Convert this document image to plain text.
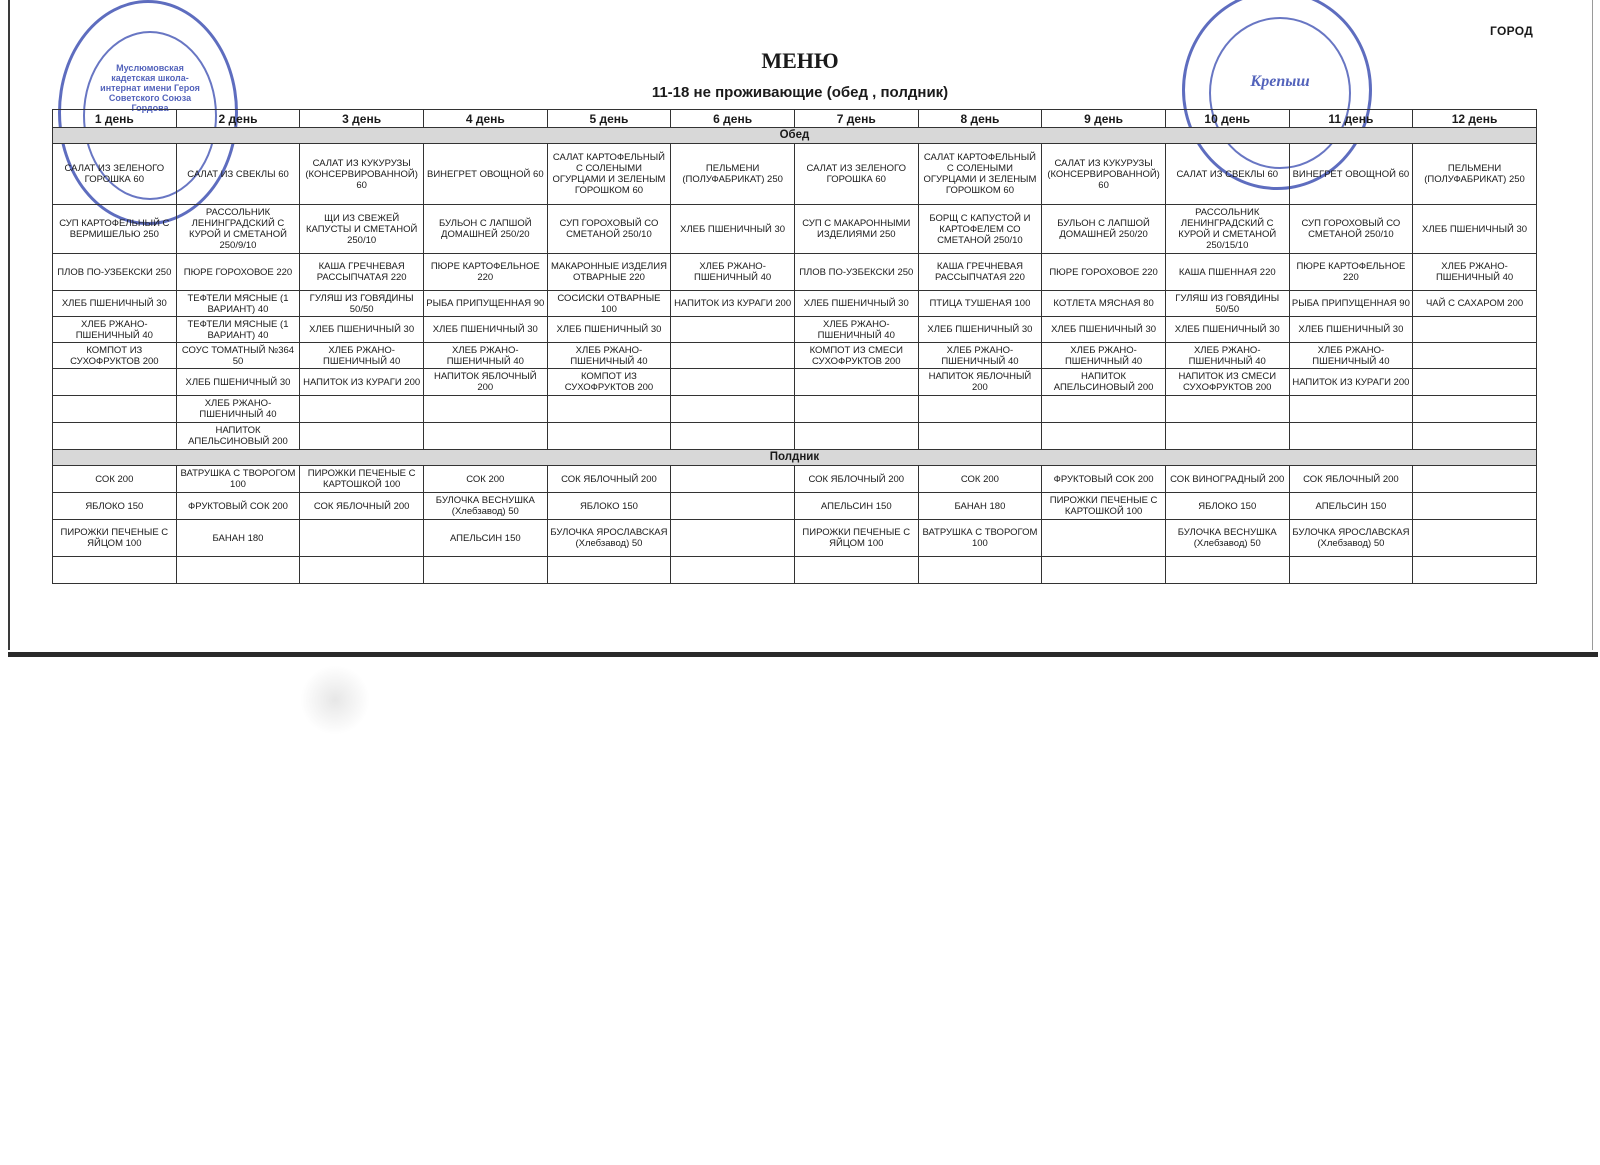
Муслюмовская кадетская школа-интернат имени Героя Советского Союза Гордова
Крепыш
ГОРОД
МЕНЮ
11-18 не проживающие (обед , полдник)
1 день	2 день	3 день	4 день	5 день	6 день	7 день	8 день	9 день	10 день	11 день	12 день
Обед											
САЛАТ ИЗ ЗЕЛЕНОГО ГОРОШКА 60	САЛАТ ИЗ СВЕКЛЫ 60	САЛАТ ИЗ КУКУРУЗЫ (КОНСЕРВИРОВАННОЙ) 60	ВИНЕГРЕТ ОВОЩНОЙ 60	САЛАТ КАРТОФЕЛЬНЫЙ С СОЛЕНЫМИ ОГУРЦАМИ И ЗЕЛЕНЫМ ГОРОШКОМ 60	ПЕЛЬМЕНИ (ПОЛУФАБРИКАТ) 250	САЛАТ ИЗ ЗЕЛЕНОГО ГОРОШКА 60	САЛАТ КАРТОФЕЛЬНЫЙ С СОЛЕНЫМИ ОГУРЦАМИ И ЗЕЛЕНЫМ ГОРОШКОМ 60	САЛАТ ИЗ КУКУРУЗЫ (КОНСЕРВИРОВАННОЙ) 60	САЛАТ ИЗ СВЕКЛЫ 60	ВИНЕГРЕТ ОВОЩНОЙ 60	ПЕЛЬМЕНИ (ПОЛУФАБРИКАТ) 250
СУП КАРТОФЕЛЬНЫЙ С ВЕРМИШЕЛЬЮ 250	РАССОЛЬНИК ЛЕНИНГРАДСКИЙ С КУРОЙ И СМЕТАНОЙ 250/9/10	ЩИ ИЗ СВЕЖЕЙ КАПУСТЫ И СМЕТАНОЙ 250/10	БУЛЬОН С ЛАПШОЙ ДОМАШНЕЙ 250/20	СУП ГОРОХОВЫЙ СО СМЕТАНОЙ 250/10	ХЛЕБ ПШЕНИЧНЫЙ 30	СУП С МАКАРОННЫМИ ИЗДЕЛИЯМИ 250	БОРЩ С КАПУСТОЙ И КАРТОФЕЛЕМ СО СМЕТАНОЙ 250/10	БУЛЬОН С ЛАПШОЙ ДОМАШНЕЙ 250/20	РАССОЛЬНИК ЛЕНИНГРАДСКИЙ С КУРОЙ И СМЕТАНОЙ 250/15/10	СУП ГОРОХОВЫЙ СО СМЕТАНОЙ 250/10	ХЛЕБ ПШЕНИЧНЫЙ 30
ПЛОВ ПО-УЗБЕКСКИ 250	ПЮРЕ ГОРОХОВОЕ 220	КАША ГРЕЧНЕВАЯ РАССЫПЧАТАЯ 220	ПЮРЕ КАРТОФЕЛЬНОЕ 220	МАКАРОННЫЕ ИЗДЕЛИЯ ОТВАРНЫЕ 220	ХЛЕБ РЖАНО-ПШЕНИЧНЫЙ 40	ПЛОВ ПО-УЗБЕКСКИ 250	КАША ГРЕЧНЕВАЯ РАССЫПЧАТАЯ 220	ПЮРЕ ГОРОХОВОЕ 220	КАША ПШЕННАЯ 220	ПЮРЕ КАРТОФЕЛЬНОЕ 220	ХЛЕБ РЖАНО-ПШЕНИЧНЫЙ 40
ХЛЕБ ПШЕНИЧНЫЙ 30	ТЕФТЕЛИ МЯСНЫЕ (1 ВАРИАНТ) 40	ГУЛЯШ ИЗ ГОВЯДИНЫ 50/50	РЫБА ПРИПУЩЕННАЯ 90	СОСИСКИ ОТВАРНЫЕ 100	НАПИТОК ИЗ КУРАГИ 200	ХЛЕБ ПШЕНИЧНЫЙ 30	ПТИЦА ТУШЕНАЯ 100	КОТЛЕТА МЯСНАЯ 80	ГУЛЯШ ИЗ ГОВЯДИНЫ 50/50	РЫБА ПРИПУЩЕННАЯ 90	ЧАЙ С САХАРОМ 200
ХЛЕБ РЖАНО-ПШЕНИЧНЫЙ 40	ТЕФТЕЛИ МЯСНЫЕ (1 ВАРИАНТ) 40	ХЛЕБ ПШЕНИЧНЫЙ 30	ХЛЕБ ПШЕНИЧНЫЙ 30	ХЛЕБ ПШЕНИЧНЫЙ 30		ХЛЕБ РЖАНО-ПШЕНИЧНЫЙ 40	ХЛЕБ ПШЕНИЧНЫЙ 30	ХЛЕБ ПШЕНИЧНЫЙ 30	ХЛЕБ ПШЕНИЧНЫЙ 30	ХЛЕБ ПШЕНИЧНЫЙ 30	
КОМПОТ ИЗ СУХОФРУКТОВ 200	СОУС ТОМАТНЫЙ №364 50	ХЛЕБ РЖАНО-ПШЕНИЧНЫЙ 40	ХЛЕБ РЖАНО-ПШЕНИЧНЫЙ 40	ХЛЕБ РЖАНО-ПШЕНИЧНЫЙ 40		КОМПОТ ИЗ СМЕСИ СУХОФРУКТОВ 200	ХЛЕБ РЖАНО-ПШЕНИЧНЫЙ 40	ХЛЕБ РЖАНО-ПШЕНИЧНЫЙ 40	ХЛЕБ РЖАНО-ПШЕНИЧНЫЙ 40	ХЛЕБ РЖАНО-ПШЕНИЧНЫЙ 40	
	ХЛЕБ ПШЕНИЧНЫЙ 30	НАПИТОК ИЗ КУРАГИ 200	НАПИТОК ЯБЛОЧНЫЙ 200	КОМПОТ ИЗ СУХОФРУКТОВ 200			НАПИТОК ЯБЛОЧНЫЙ 200	НАПИТОК АПЕЛЬСИНОВЫЙ 200	НАПИТОК ИЗ СМЕСИ СУХОФРУКТОВ 200	НАПИТОК ИЗ КУРАГИ 200	
	ХЛЕБ РЖАНО-ПШЕНИЧНЫЙ 40										
	НАПИТОК АПЕЛЬСИНОВЫЙ 200										
Полдник											
СОК 200	ВАТРУШКА С ТВОРОГОМ 100	ПИРОЖКИ ПЕЧЕНЫЕ С КАРТОШКОЙ 100	СОК 200	СОК ЯБЛОЧНЫЙ 200		СОК ЯБЛОЧНЫЙ 200	СОК 200	ФРУКТОВЫЙ СОК 200	СОК ВИНОГРАДНЫЙ 200	СОК ЯБЛОЧНЫЙ 200	
ЯБЛОКО 150	ФРУКТОВЫЙ СОК 200	СОК ЯБЛОЧНЫЙ 200	БУЛОЧКА ВЕСНУШКА (Хлебзавод) 50	ЯБЛОКО 150		АПЕЛЬСИН 150	БАНАН 180	ПИРОЖКИ ПЕЧЕНЫЕ С КАРТОШКОЙ 100	ЯБЛОКО 150	АПЕЛЬСИН 150	
ПИРОЖКИ ПЕЧЕНЫЕ С ЯЙЦОМ 100	БАНАН 180		АПЕЛЬСИН 150	БУЛОЧКА ЯРОСЛАВСКАЯ (Хлебзавод) 50		ПИРОЖКИ ПЕЧЕНЫЕ С ЯЙЦОМ 100	ВАТРУШКА С ТВОРОГОМ 100		БУЛОЧКА ВЕСНУШКА (Хлебзавод) 50	БУЛОЧКА ЯРОСЛАВСКАЯ (Хлебзавод) 50	
